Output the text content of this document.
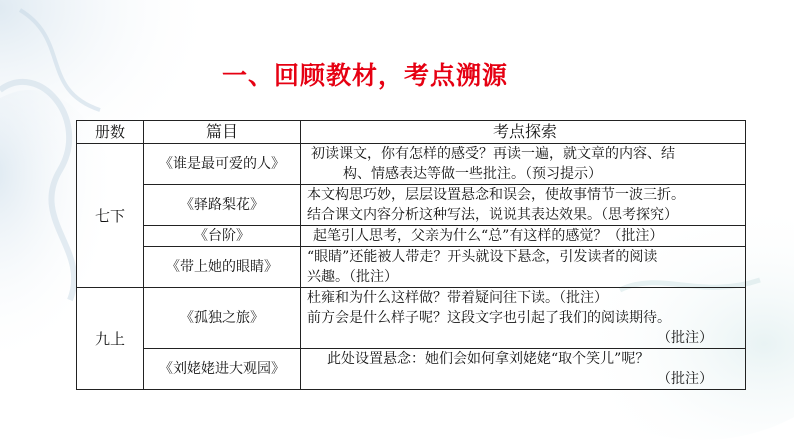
一、回顾教材，考点溯源
册数	篇目	考点探索
七下	《谁是最可爱的人》	初读课文，你有怎样的感受？再读一遍，就文章的内容、结
构、情感表达等做一些批注。（预习提示）
	《驿路梨花》	本文构思巧妙，层层设置悬念和误会，使故事情节一波三折。
结合课文内容分析这种写法，说说其表达效果。（思考探究）
	《台阶》	起笔引人思考，父亲为什么“总”有这样的感觉？（批注）
	《带上她的眼睛》	“眼睛”还能被人带走？开头就设下悬念，引发读者的阅读
兴趣。（批注）
九上	《孤独之旅》	杜雍和为什么这样做？带着疑问往下读。（批注）
前方会是什么样子呢？这段文字也引起了我们的阅读期待。
（批注）

	《刘姥姥进大观园》	此处设置悬念：她们会如何拿刘姥姥“取个笑儿”呢？
（批注）
